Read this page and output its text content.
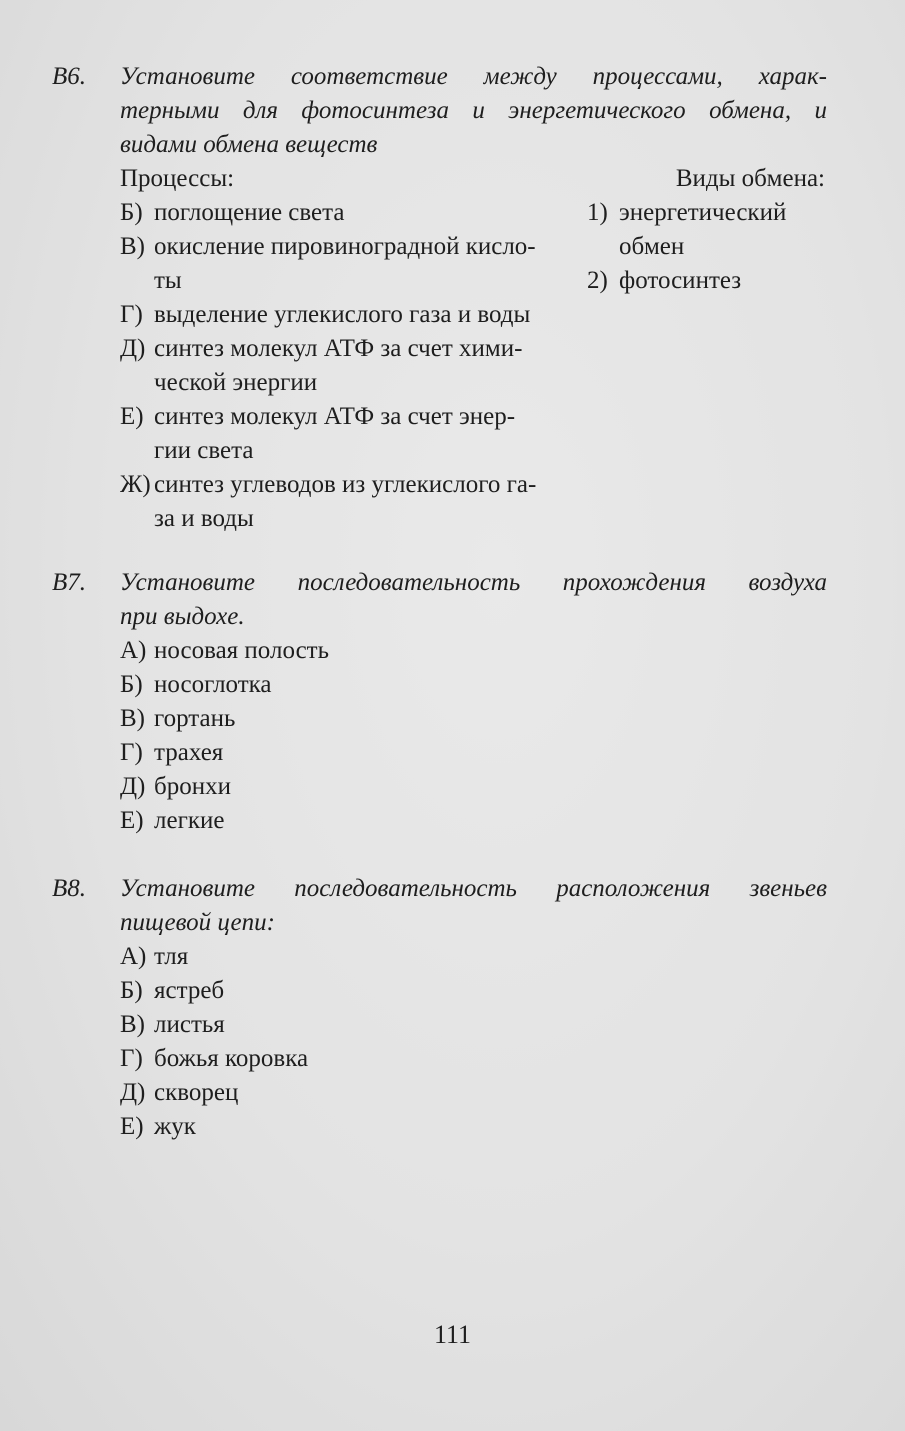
В6. Установите соответствие между процессами, харак-
терными для фотосинтеза и энергетического обмена, и
видами обмена веществ
Процессы:
Б) поглощение света
В) окисление пировиноградной кисло-
ты
Г) выделение углекислого газа и воды
Д) синтез молекул АТФ за счет хими-
ческой энергии
Е) синтез молекул АТФ за счет энер-
гии света
Ж) синтез углеводов из углекислого га-
за и воды
Виды обмена:
1) энергетический
обмен
2) фотосинтез
В7. Установите последовательность прохождения воздуха
при выдохе.
А) носовая полость
Б) носоглотка
В) гортань
Г) трахея
Д) бронхи
Е) легкие
В8. Установите последовательность расположения звеньев
пищевой цепи:
А) тля
Б) ястреб
В) листья
Г) божья коровка
Д) скворец
Е) жук
111
